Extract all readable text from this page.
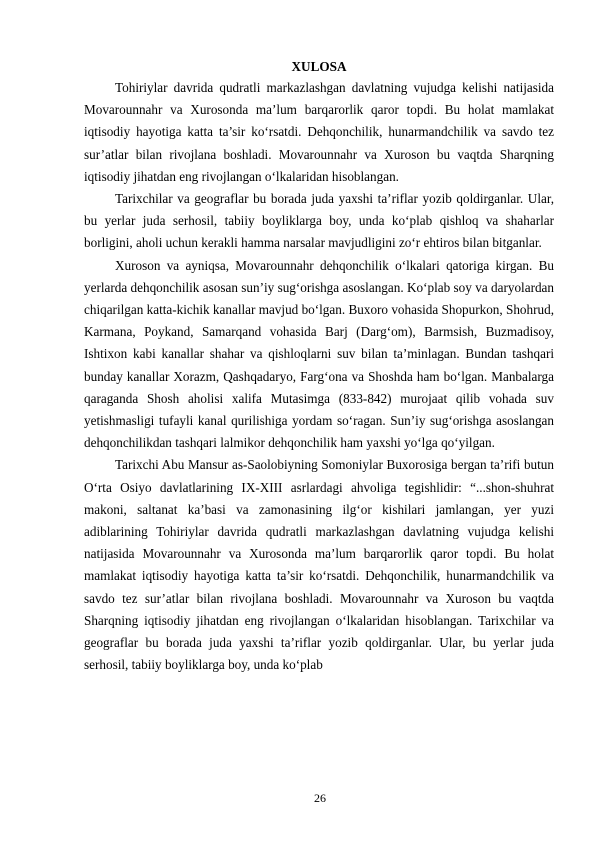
XULOSA

Tohiriylar davrida qudratli markazlashgan davlatning vujudga kelishi natijasida Movarounnahr va Xurosonda ma’lum barqarorlik qaror topdi. Bu holat mamlakat iqtisodiy hayotiga katta ta’sir ko‘rsatdi. Dehqonchilik, hunarmandchilik va savdo tez sur’atlar bilan rivojlana boshladi. Movarounnahr va Xuroson bu vaqtda Sharqning iqtisodiy jihatdan eng rivojlangan o‘lkalaridan hisoblangan.

Tarixchilar va geograflar bu borada juda yaxshi ta’riflar yozib qoldirganlar. Ular, bu yerlar juda serhosil, tabiiy boyliklarga boy, unda ko‘plab qishloq va shaharlar borligini, aholi uchun kerakli hamma narsalar mavjudligini zo‘r ehtiros bilan bitganlar.

Xuroson va ayniqsa, Movarounnahr dehqonchilik o‘lkalari qatoriga kirgan. Bu yerlarda dehqonchilik asosan sun’iy sug‘orishga asoslangan. Ko‘plab soy va daryolardan chiqarilgan katta-kichik kanallar mavjud bo‘lgan. Buxoro vohasida Shopurkon, Shohrud, Karmana, Poykand, Samarqand vohasida Barj (Darg‘om), Barmsish, Buzmadisoy, Ishtixon kabi kanallar shahar va qishloqlarni suv bilan ta’minlagan. Bundan tashqari bunday kanallar Xorazm, Qashqadaryo, Farg‘ona va Shoshda ham bo‘lgan. Manbalarga qaraganda Shosh aholisi xalifa Mutasimga (833-842) murojaat qilib vohada suv yetishmasligi tufayli kanal qurilishiga yordam so‘ragan. Sun’iy sug‘orishga asoslangan dehqonchilikdan tashqari lalmikor dehqonchilik ham yaxshi yo‘lga qo‘yilgan.

Tarixchi Abu Mansur as-Saolobiyning Somoniylar Buxorosiga bergan ta’rifi butun O‘rta Osiyo davlatlarining IX-XIII asrlardagi ahvoliga tegishlidir: “...shon-shuhrat makoni, saltanat ka’basi va zamonasining ilg‘or kishilari jamlangan, yer yuzi adiblarining Tohiriylar davrida qudratli markazlashgan davlatning vujudga kelishi natijasida Movarounnahr va Xurosonda ma’lum barqarorlik qaror topdi. Bu holat mamlakat iqtisodiy hayotiga katta ta’sir ko‘rsatdi. Dehqonchilik, hunarmandchilik va savdo tez sur’atlar bilan rivojlana boshladi. Movarounnahr va Xuroson bu vaqtda Sharqning iqtisodiy jihatdan eng rivojlangan o‘lkalaridan hisoblangan. Tarixchilar va geograflar bu borada juda yaxshi ta’riflar yozib qoldirganlar. Ular, bu yerlar juda serhosil, tabiiy boyliklarga boy, unda ko‘plab

26
